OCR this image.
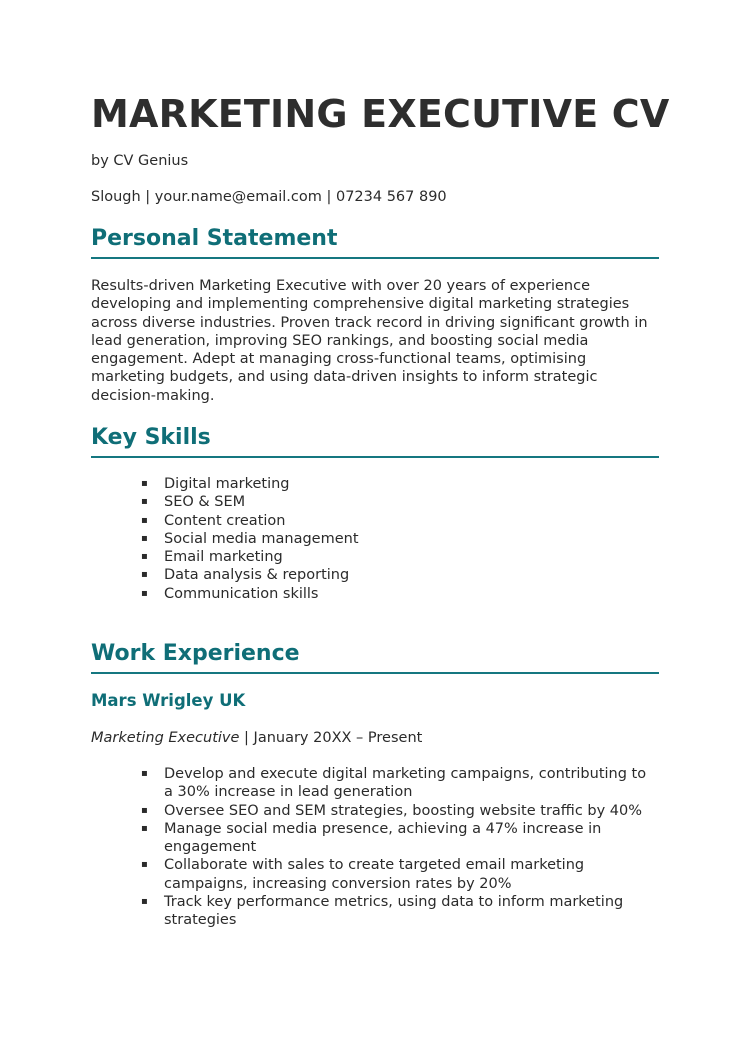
MARKETING EXECUTIVE CV
by CV Genius
Slough | your.name@email.com | 07234 567 890
Personal Statement

Results-driven Marketing Executive with over 20 years of experience developing and implementing comprehensive digital marketing strategies across diverse industries. Proven track record in driving significant growth in lead generation, improving SEO rankings, and boosting social media engagement. Adept at managing cross-functional teams, optimising marketing budgets, and using data-driven insights to inform strategic decision-making.

Key Skills
▪ Digital marketing
▪ SEO & SEM
▪ Content creation
▪ Social media management
▪ Email marketing
▪ Data analysis & reporting
▪ Communication skills
Work Experience
Mars Wrigley UK
Marketing Executive | January 20XX – Present
▪ Develop and execute digital marketing campaigns, contributing to a 30% increase in lead generation
▪ Oversee SEO and SEM strategies, boosting website traffic by 40%
▪ Manage social media presence, achieving a 47% increase in engagement
▪ Collaborate with sales to create targeted email marketing campaigns, increasing conversion rates by 20%
▪ Track key performance metrics, using data to inform marketing strategies
